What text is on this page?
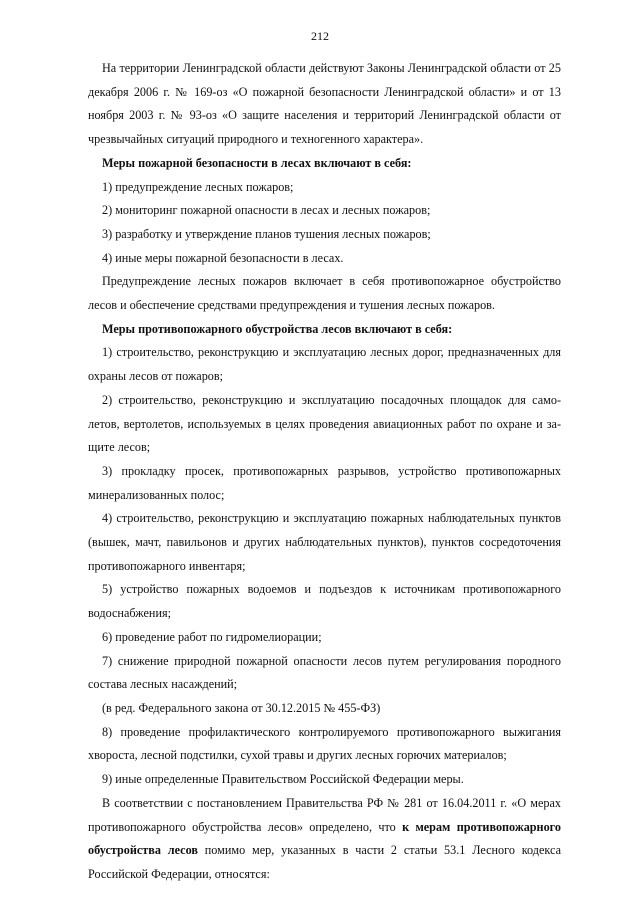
212

На территории Ленинградской области действуют Законы Ленинградской области от 25 декабря 2006 г. № 169-оз «О пожарной безопасности Ленинградской области» и от 13 ноября 2003 г. № 93-оз «О защите населения и территорий Ленинградской области от чрезвычайных ситуаций природного и техногенного характера».

Меры пожарной безопасности в лесах включают в себя:

1) предупреждение лесных пожаров;

2) мониторинг пожарной опасности в лесах и лесных пожаров;

3) разработку и утверждение планов тушения лесных пожаров;

4) иные меры пожарной безопасности в лесах.

Предупреждение лесных пожаров включает в себя противопожарное обустройство лесов и обеспечение средствами предупреждения и тушения лесных пожаров.

Меры противопожарного обустройства лесов включают в себя:

1) строительство, реконструкцию и эксплуатацию лесных дорог, предназначенных для охраны лесов от пожаров;

2) строительство, реконструкцию и эксплуатацию посадочных площадок для самолетов, вертолетов, используемых в целях проведения авиационных работ по охране и защите лесов;

3) прокладку просек, противопожарных разрывов, устройство противопожарных минерализованных полос;

4) строительство, реконструкцию и эксплуатацию пожарных наблюдательных пунктов (вышек, мачт, павильонов и других наблюдательных пунктов), пунктов сосредоточения противопожарного инвентаря;

5) устройство пожарных водоемов и подъездов к источникам противопожарного водоснабжения;

6) проведение работ по гидромелиорации;

7) снижение природной пожарной опасности лесов путем регулирования породного состава лесных насаждений;

(в ред. Федерального закона от 30.12.2015 № 455-ФЗ)

8) проведение профилактического контролируемого противопожарного выжигания хвороста, лесной подстилки, сухой травы и других лесных горючих материалов;

9) иные определенные Правительством Российской Федерации меры.

В соответствии с постановлением Правительства РФ № 281 от 16.04.2011 г. «О мерах противопожарного обустройства лесов» определено, что к мерам противопожарного обустройства лесов помимо мер, указанных в части 2 статьи 53.1 Лесного кодекса Российской Федерации, относятся:
